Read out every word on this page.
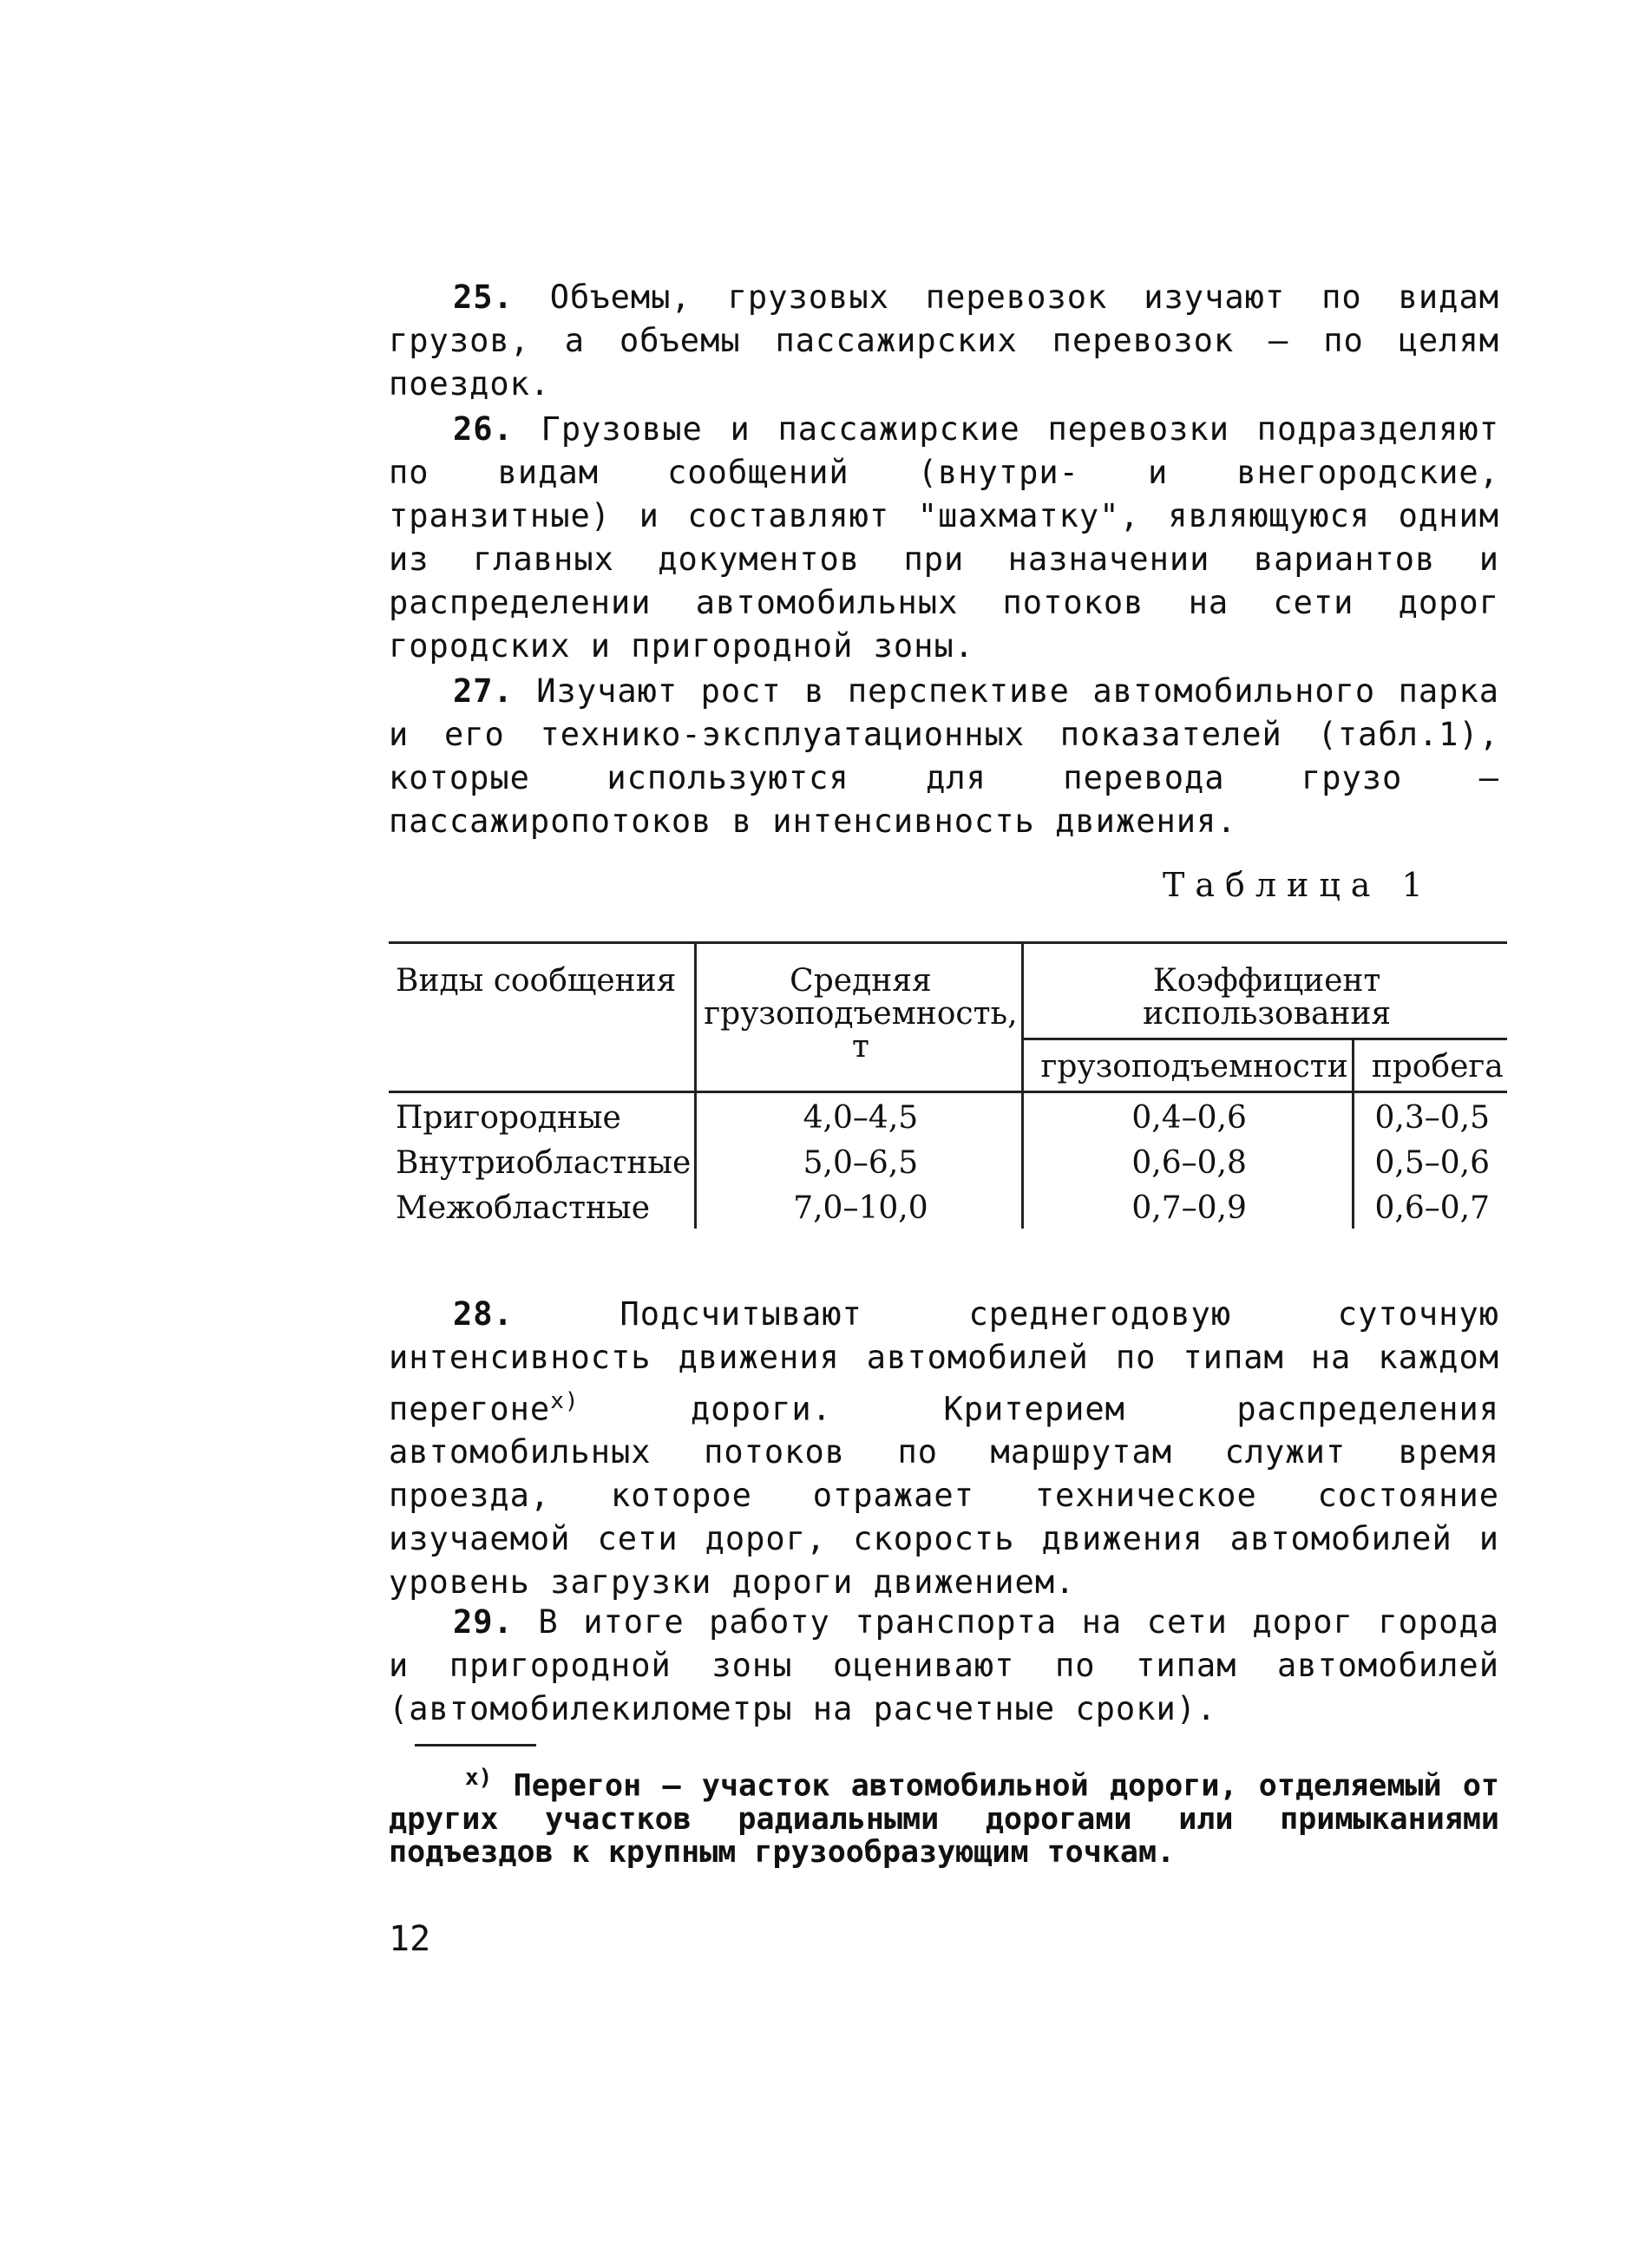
25. Объемы, грузовых перевозок изучают по видам грузов, а объемы пассажирских перевозок – по целям поездок.

26. Грузовые и пассажирские перевозки подразделяют по видам сообщений (внутри- и внегородские, транзитные) и составляют "шахматку", являющуюся одним из главных документов при назначении вариантов и распределении автомобильных потоков на сети дорог городских и пригородной зоны.

27. Изучают рост в перспективе автомобильного парка и его технико-эксплуатационных показателей (табл.1), которые используются для перевода грузо – пассажиропотоков в интенсивность движения.

Таблица 1

Виды сообщения	Средняя грузоподъемность, т	Коэффициент использования	
		грузоподъемности	пробега
Пригородные	4,0–4,5	0,4–0,6	0,3–0,5
Внутриобластные	5,0–6,5	0,6–0,8	0,5–0,6
Межобластные	7,0–10,0	0,7–0,9	0,6–0,7

28.	Подсчитывают среднегодовую суточную интенсивность движения автомобилей по типам на каждом перегоне$^{x)}$ дороги. Критерием распределения автомобильных потоков по маршрутам служит время проезда, которое отражает техническое состояние изучаемой сети дорог, скорость движения автомобилей и уровень загрузки дороги движением.

29. В итоге работу транспорта на сети дорог города и пригородной зоны оценивают по типам автомобилей (автомобилекилометры на расчетные сроки).

$^{x)}$ Перегон – участок автомобильной дороги, отделяемый от других участков радиальными дорогами или примыканиями подъездов к крупным грузообразующим точкам.

12
